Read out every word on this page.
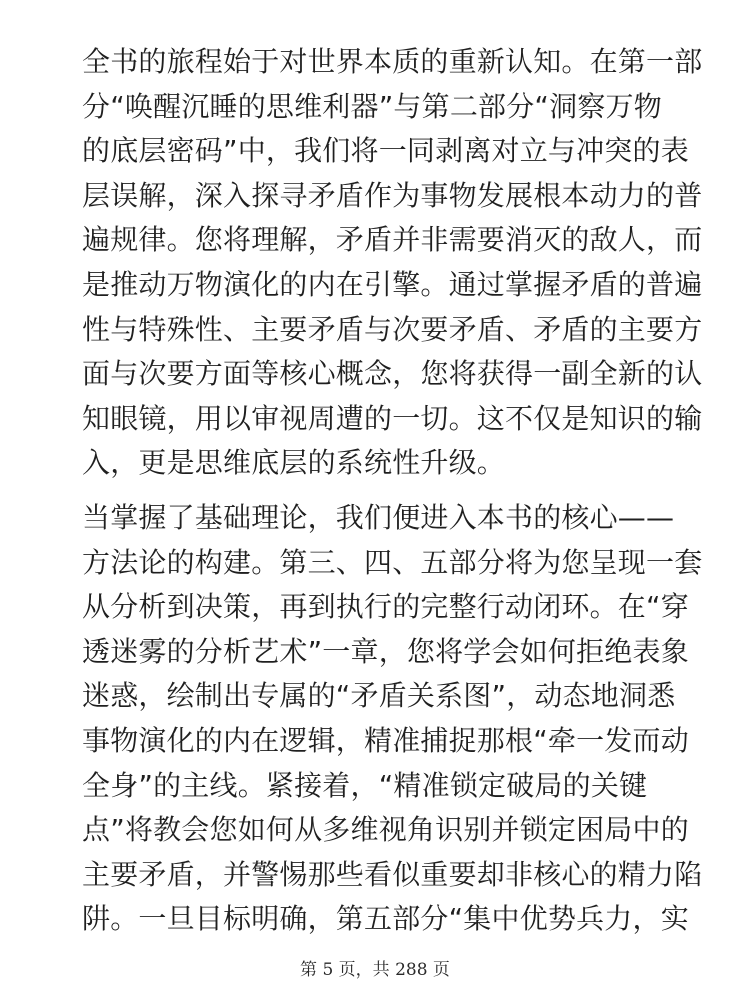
全书的旅程始于对世界本质的重新认知。在第一部
分“唤醒沉睡的思维利器”与第二部分“洞察万物
的底层密码”中，我们将一同剥离对立与冲突的表
层误解，深入探寻矛盾作为事物发展根本动力的普
遍规律。您将理解，矛盾并非需要消灭的敌人，而
是推动万物演化的内在引擎。通过掌握矛盾的普遍
性与特殊性、主要矛盾与次要矛盾、矛盾的主要方
面与次要方面等核心概念，您将获得一副全新的认
知眼镜，用以审视周遭的一切。这不仅是知识的输
入，更是思维底层的系统性升级。
当掌握了基础理论，我们便进入本书的核心——
方法论的构建。第三、四、五部分将为您呈现一套
从分析到决策，再到执行的完整行动闭环。在“穿
透迷雾的分析艺术”一章，您将学会如何拒绝表象
迷惑，绘制出专属的“矛盾关系图”，动态地洞悉
事物演化的内在逻辑，精准捕捉那根“牵一发而动
全身”的主线。紧接着，“精准锁定破局的关键
点”将教会您如何从多维视角识别并锁定困局中的
主要矛盾，并警惕那些看似重要却非核心的精力陷
阱。一旦目标明确，第五部分“集中优势兵力，实
第 5 页，共 288 页
